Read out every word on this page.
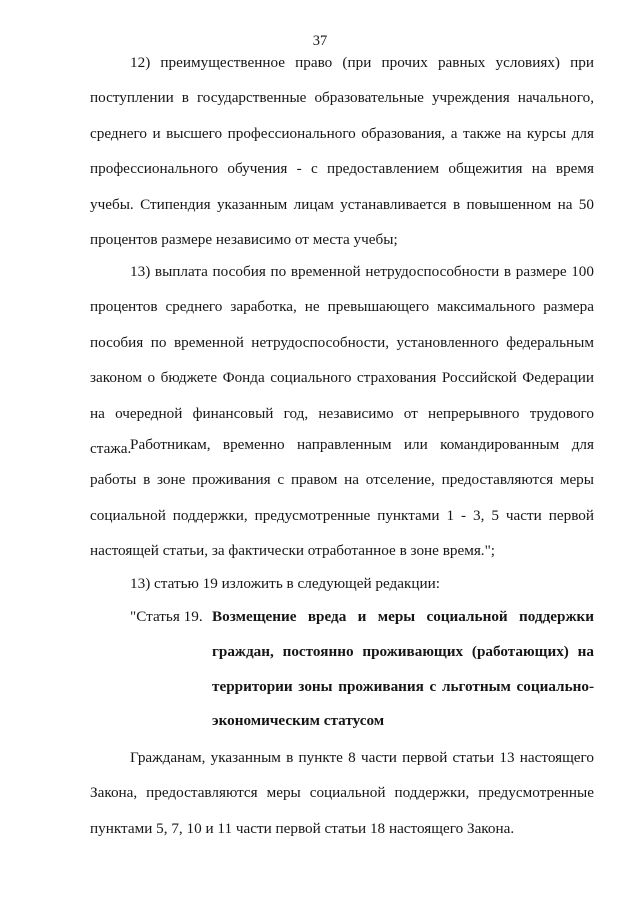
37

12) преимущественное право (при прочих равных условиях) при поступлении в государственные образовательные учреждения начального, среднего и высшего профессионального образования, а также на курсы для профессионального обучения - с предоставлением общежития на время учебы. Стипендия указанным лицам устанавливается в повышенном на 50 процентов размере независимо от места учебы;

13) выплата пособия по временной нетрудоспособности в размере 100 процентов среднего заработка, не превышающего максимального размера пособия по временной нетрудоспособности, установленного федеральным законом о бюджете Фонда социального страхования Российской Федерации на очередной финансовый год, независимо от непрерывного трудового стажа.

Работникам, временно направленным или командированным для работы в зоне проживания с правом на отселение, предоставляются меры социальной поддержки, предусмотренные пунктами 1 - 3, 5 части первой настоящей статьи, за фактически отработанное в зоне время.";

13) статью 19 изложить в следующей редакции:

"Статья 19. Возмещение вреда и меры социальной поддержки граждан, постоянно проживающих (работающих) на территории зоны проживания с льготным социально-экономическим статусом

Гражданам, указанным в пункте 8 части первой статьи 13 настоящего Закона, предоставляются меры социальной поддержки, предусмотренные пунктами 5, 7, 10 и 11 части первой статьи 18 настоящего Закона.
